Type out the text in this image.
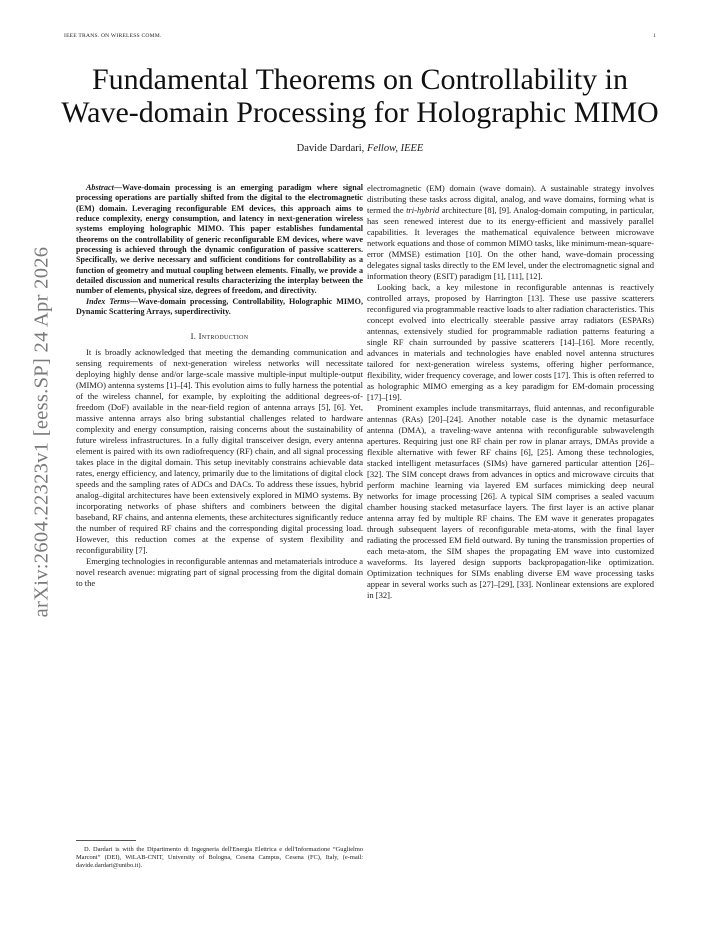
IEEE TRANS. ON WIRELESS COMM.	1
arXiv:2604.22323v1 [eess.SP] 24 Apr 2026
Fundamental Theorems on Controllability in
Wave-domain Processing for Holographic MIMO
Davide Dardari, Fellow, IEEE

Abstract—Wave-domain processing is an emerging paradigm where signal processing operations are partially shifted from the digital to the electromagnetic (EM) domain. Leveraging reconfigurable EM devices, this approach aims to reduce complexity, energy consumption, and latency in next-generation wireless systems employing holographic MIMO. This paper establishes fundamental theorems on the controllability of generic reconfigurable EM devices, where wave processing is achieved through the dynamic configuration of passive scatterers. Specifically, we derive necessary and sufficient conditions for controllability as a function of geometry and mutual coupling between elements. Finally, we provide a detailed discussion and numerical results characterizing the interplay between the number of elements, physical size, degrees of freedom, and directivity.

Index Terms—Wave-domain processing, Controllability, Holographic MIMO, Dynamic Scattering Arrays, superdirectivity.

I. Introduction

It is broadly acknowledged that meeting the demanding communication and sensing requirements of next-generation wireless networks will necessitate deploying highly dense and/or large-scale massive multiple-input multiple-output (MIMO) antenna systems [1]–[4]. This evolution aims to fully harness the potential of the wireless channel, for example, by exploiting the additional degrees-of-freedom (DoF) available in the near-field region of antenna arrays [5], [6]. Yet, massive antenna arrays also bring substantial challenges related to hardware complexity and energy consumption, raising concerns about the sustainability of future wireless infrastructures. In a fully digital transceiver design, every antenna element is paired with its own radiofrequency (RF) chain, and all signal processing takes place in the digital domain. This setup inevitably constrains achievable data rates, energy efficiency, and latency, primarily due to the limitations of digital clock speeds and the sampling rates of ADCs and DACs. To address these issues, hybrid analog–digital architectures have been extensively explored in MIMO systems. By incorporating networks of phase shifters and combiners between the digital baseband, RF chains, and antenna elements, these architectures significantly reduce the number of required RF chains and the corresponding digital processing load. However, this reduction comes at the expense of system flexibility and reconfigurability [7].

Emerging technologies in reconfigurable antennas and metamaterials introduce a novel research avenue: migrating part of signal processing from the digital domain to the

D. Dardari is with the Dipartimento di Ingegneria dell'Energia Elettrica e dell'Informazione “Guglielmo Marconi” (DEI), WiLAB-CNIT, University of Bologna, Cesena Campus, Cesena (FC), Italy, (e-mail: davide.dardari@unibo.it).

electromagnetic (EM) domain (wave domain). A sustainable strategy involves distributing these tasks across digital, analog, and wave domains, forming what is termed the tri-hybrid architecture [8], [9]. Analog-domain computing, in particular, has seen renewed interest due to its energy-efficient and massively parallel capabilities. It leverages the mathematical equivalence between microwave network equations and those of common MIMO tasks, like minimum-mean-square-error (MMSE) estimation [10]. On the other hand, wave-domain processing delegates signal tasks directly to the EM level, under the electromagnetic signal and information theory (ESIT) paradigm [1], [11], [12].

Looking back, a key milestone in reconfigurable antennas is reactively controlled arrays, proposed by Harrington [13]. These use passive scatterers reconfigured via programmable reactive loads to alter radiation characteristics. This concept evolved into electrically steerable passive array radiators (ESPARs) antennas, extensively studied for programmable radiation patterns featuring a single RF chain surrounded by passive scatterers [14]–[16]. More recently, advances in materials and technologies have enabled novel antenna structures tailored for next-generation wireless systems, offering higher performance, flexibility, wider frequency coverage, and lower costs [17]. This is often referred to as holographic MIMO emerging as a key paradigm for EM-domain processing [17]–[19].

Prominent examples include transmitarrays, fluid antennas, and reconfigurable antennas (RAs) [20]–[24]. Another notable case is the dynamic metasurface antenna (DMA), a traveling-wave antenna with reconfigurable subwavelength apertures. Requiring just one RF chain per row in planar arrays, DMAs provide a flexible alternative with fewer RF chains [6], [25]. Among these technologies, stacked intelligent metasurfaces (SIMs) have garnered particular attention [26]–[32]. The SIM concept draws from advances in optics and microwave circuits that perform machine learning via layered EM surfaces mimicking deep neural networks for image processing [26]. A typical SIM comprises a sealed vacuum chamber housing stacked metasurface layers. The first layer is an active planar antenna array fed by multiple RF chains. The EM wave it generates propagates through subsequent layers of reconfigurable meta-atoms, with the final layer radiating the processed EM field outward. By tuning the transmission properties of each meta-atom, the SIM shapes the propagating EM wave into customized waveforms. Its layered design supports backpropagation-like optimization. Optimization techniques for SIMs enabling diverse EM wave processing tasks appear in several works such as [27]–[29], [33]. Nonlinear extensions are explored in [32].
